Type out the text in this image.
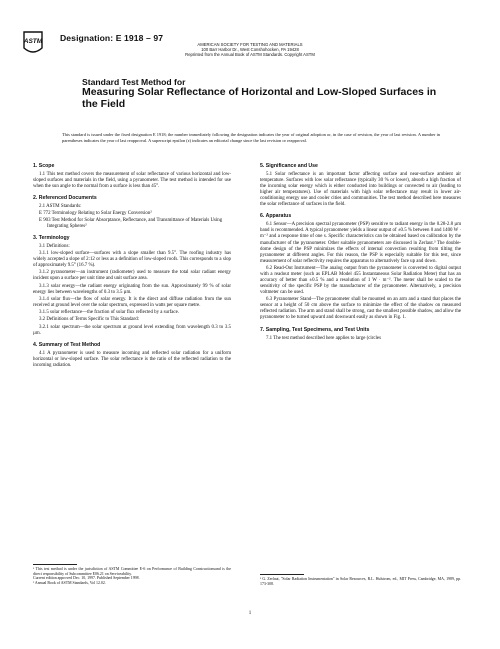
ASTM Designation: E 1918 – 97
AMERICAN SOCIETY FOR TESTING AND MATERIALS
100 Barr Harbor Dr., West Conshohocken, PA 19428
Reprinted from the Annual Book of ASTM Standards. Copyright ASTM
Standard Test Method for
Measuring Solar Reflectance of Horizontal and Low-Sloped Surfaces in the Field
This standard is issued under the fixed designation E 1918; the number immediately following the designation indicates the year of original adoption or, in the case of revision, the year of last revision. A number in parentheses indicates the year of last reapproval. A superscript epsilon (ε) indicates an editorial change since the last revision or reapproval.
1. Scope
1.1 This test method covers the measurement of solar reflectance of various horizontal and low-sloped surfaces and materials in the field, using a pyranometer. The test method is intended for use when the sun angle to the normal from a surface is less than 45°.
2. Referenced Documents
2.1 ASTM Standards:
E 772 Terminology Relating to Solar Energy Conversion²
E 903 Test Method for Solar Absorptance, Reflectance, and Transmittance of Materials Using Integrating Spheres²
3. Terminology
3.1 Definitions:
3.1.1 low-sloped surface—surfaces with a slope smaller than 9.5°. The roofing industry has widely accepted a slope of 2:12 or less as a definition of low-sloped roofs. This corresponds to a slop of approximately 9.5° (16.7 %).
3.1.2 pyranometer—an instrument (radiometer) used to measure the total solar radiant energy incident upon a surface per unit time and unit surface area.
3.1.3 solar energy—the radiant energy originating from the sun. Approximately 99 % of solar energy lies between wavelengths of 0.3 to 3.5 µm.
3.1.4 solar flux—the flow of solar energy. It is the direct and diffuse radiation from the sun received at ground level over the solar spectrum, expressed in watts per square metre.
3.1.5 solar reflectance—the fraction of solar flux reflected by a surface.
3.2 Definitions of Terms Specific to This Standard:
3.2.1 solar spectrum—the solar spectrum at ground level extending from wavelength 0.3 to 3.5 µm.
4. Summary of Test Method
4.1 A pyranometer is used to measure incoming and reflected solar radiation for a uniform horizontal or low-sloped surface. The solar reflectance is the ratio of the reflected radiation to the incoming radiation.
¹ This test method is under the jurisdiction of ASTM Committee E-6 on Performance of Building Constructionsand is the direct responsibility of Subcommittee E06.21 on Serviceability.
Current edition approved Dec. 10, 1997. Published September 1998.
² Annual Book of ASTM Standards, Vol 12.02.
5. Significance and Use
5.1 Solar reflectance is an important factor affecting surface and near-surface ambient air temperature. Surfaces with low solar reflectance (typically 30 % or lower), absorb a high fraction of the incoming solar energy which is either conducted into buildings or convected to air (leading to higher air temperatures). Use of materials with high solar reflectance may result in lower air-conditioning energy use and cooler cities and communities. The test method described here measures the solar reflectance of surfaces in the field.
6. Apparatus
6.1 Sensor—A precision spectral pyranometer (PSP) sensitive to radiant energy in the 0.28-2.8 µm band is recommended. A typical pyranometer yields a linear output of ±0.5 % between 0 and 1400 W · m⁻² and a response time of one s. Specific characteristics can be obtained based on calibration by the manufacturer of the pyranometer. Other suitable pyranometers are discussed in Zerlaut.³ The double-dome design of the PSP minimizes the effects of internal convection resulting from tilting the pyranometer at different angles. For this reason, the PSP is especially suitable for this test, since measurement of solar reflectivity requires the apparatus to alternatively face up and down.
6.2 Read-Out Instrument—The analog output from the pyranometer is converted to digital output with a readout meter (such as EPLAB Model 455 Instantaneous Solar Radiation Meter) that has an accuracy of better than ±0.5 % and a resolution of 1 W · m⁻². The meter shall be scaled to the sensitivity of the specific PSP by the manufacturer of the pyranometer. Alternatively, a precision voltmeter can be used.
6.3 Pyranometer Stand—The pyranometer shall be mounted on an arm and a stand that places the sensor at a height of 50 cm above the surface to minimize the effect of the shadow on measured reflected radiation. The arm and stand shall be strong, cast the smallest possible shadow, and allow the pyranometer to be turned upward and downward easily as shown in Fig. 1.
7. Sampling, Test Specimens, and Test Units
7.1 The test method described here applies to large (circles
³ G. Zerlaut, "Solar Radiation Instrumentation" in Solar Resources, R.L. Hulstrom, ed., MIT Press, Cambridge, MA, 1989, pp. 173-308.
1
